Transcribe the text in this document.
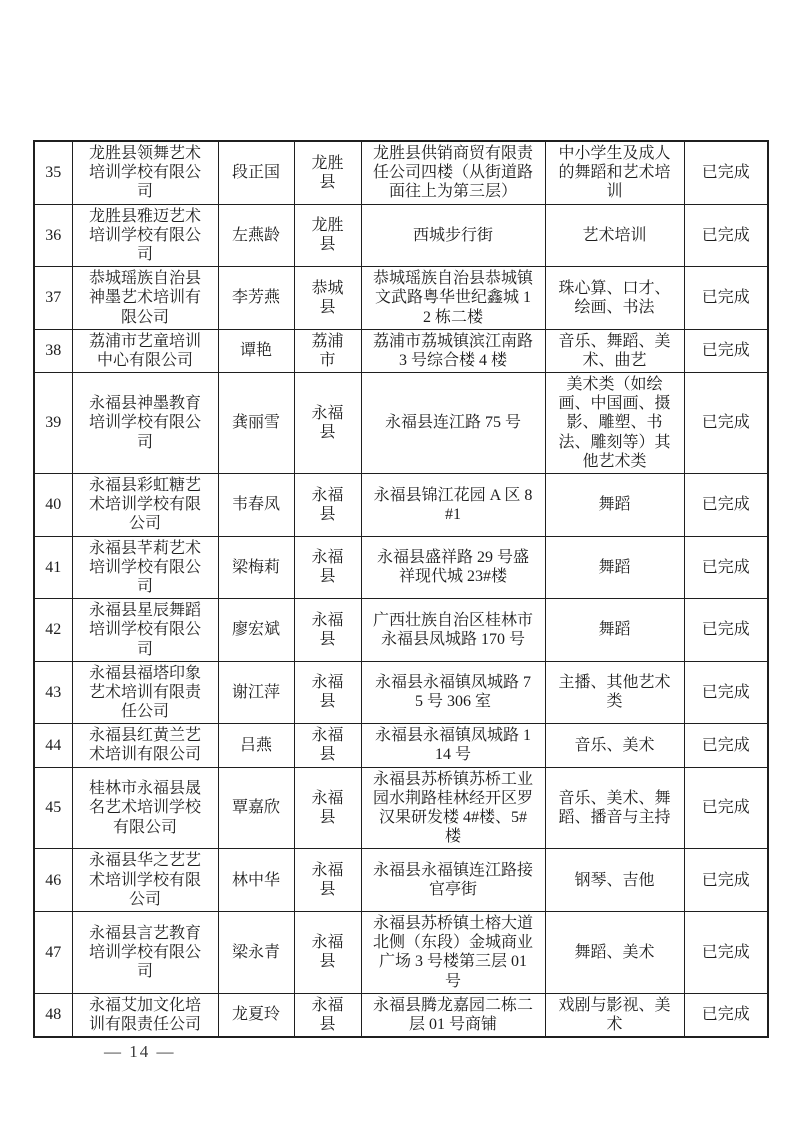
35	龙胜县领舞艺术培训学校有限公司	段正国	龙胜县	龙胜县供销商贸有限责任公司四楼（从街道路面往上为第三层）	中小学生及成人的舞蹈和艺术培训	已完成
36	龙胜县雅迈艺术培训学校有限公司	左燕龄	龙胜县	西城步行街	艺术培训	已完成
37	恭城瑶族自治县神墨艺术培训有限公司	李芳燕	恭城县	恭城瑶族自治县恭城镇文武路粤华世纪鑫城 12 栋二楼	珠心算、口才、绘画、书法	已完成
38	荔浦市艺童培训中心有限公司	谭艳	荔浦市	荔浦市荔城镇滨江南路 3 号综合楼 4 楼	音乐、舞蹈、美术、曲艺	已完成
39	永福县神墨教育培训学校有限公司	龚丽雪	永福县	永福县连江路 75 号	美术类（如绘画、中国画、摄影、雕塑、书法、雕刻等）其他艺术类	已完成
40	永福县彩虹糖艺术培训学校有限公司	韦春凤	永福县	永福县锦江花园 A 区 8#1	舞蹈	已完成
41	永福县芊莉艺术培训学校有限公司	梁梅莉	永福县	永福县盛祥路 29 号盛祥现代城 23#楼	舞蹈	已完成
42	永福县星辰舞蹈培训学校有限公司	廖宏斌	永福县	广西壮族自治区桂林市永福县凤城路 170 号	舞蹈	已完成
43	永福县福塔印象艺术培训有限责任公司	谢江萍	永福县	永福县永福镇凤城路 75 号 306 室	主播、其他艺术类	已完成
44	永福县红黄兰艺术培训有限公司	吕燕	永福县	永福县永福镇凤城路 114 号	音乐、美术	已完成
45	桂林市永福县晟名艺术培训学校有限公司	覃嘉欣	永福县	永福县苏桥镇苏桥工业园水荆路桂林经开区罗汉果研发楼 4#楼、5#楼	音乐、美术、舞蹈、播音与主持	已完成
46	永福县华之艺艺术培训学校有限公司	林中华	永福县	永福县永福镇连江路接官亭街	钢琴、吉他	已完成
47	永福县言艺教育培训学校有限公司	梁永青	永福县	永福县苏桥镇土榕大道北侧（东段）金城商业广场 3 号楼第三层 01 号	舞蹈、美术	已完成
48	永福艾加文化培训有限责任公司	龙夏玲	永福县	永福县腾龙嘉园二栋二层 01 号商铺	戏剧与影视、美术	已完成
— 14 —
